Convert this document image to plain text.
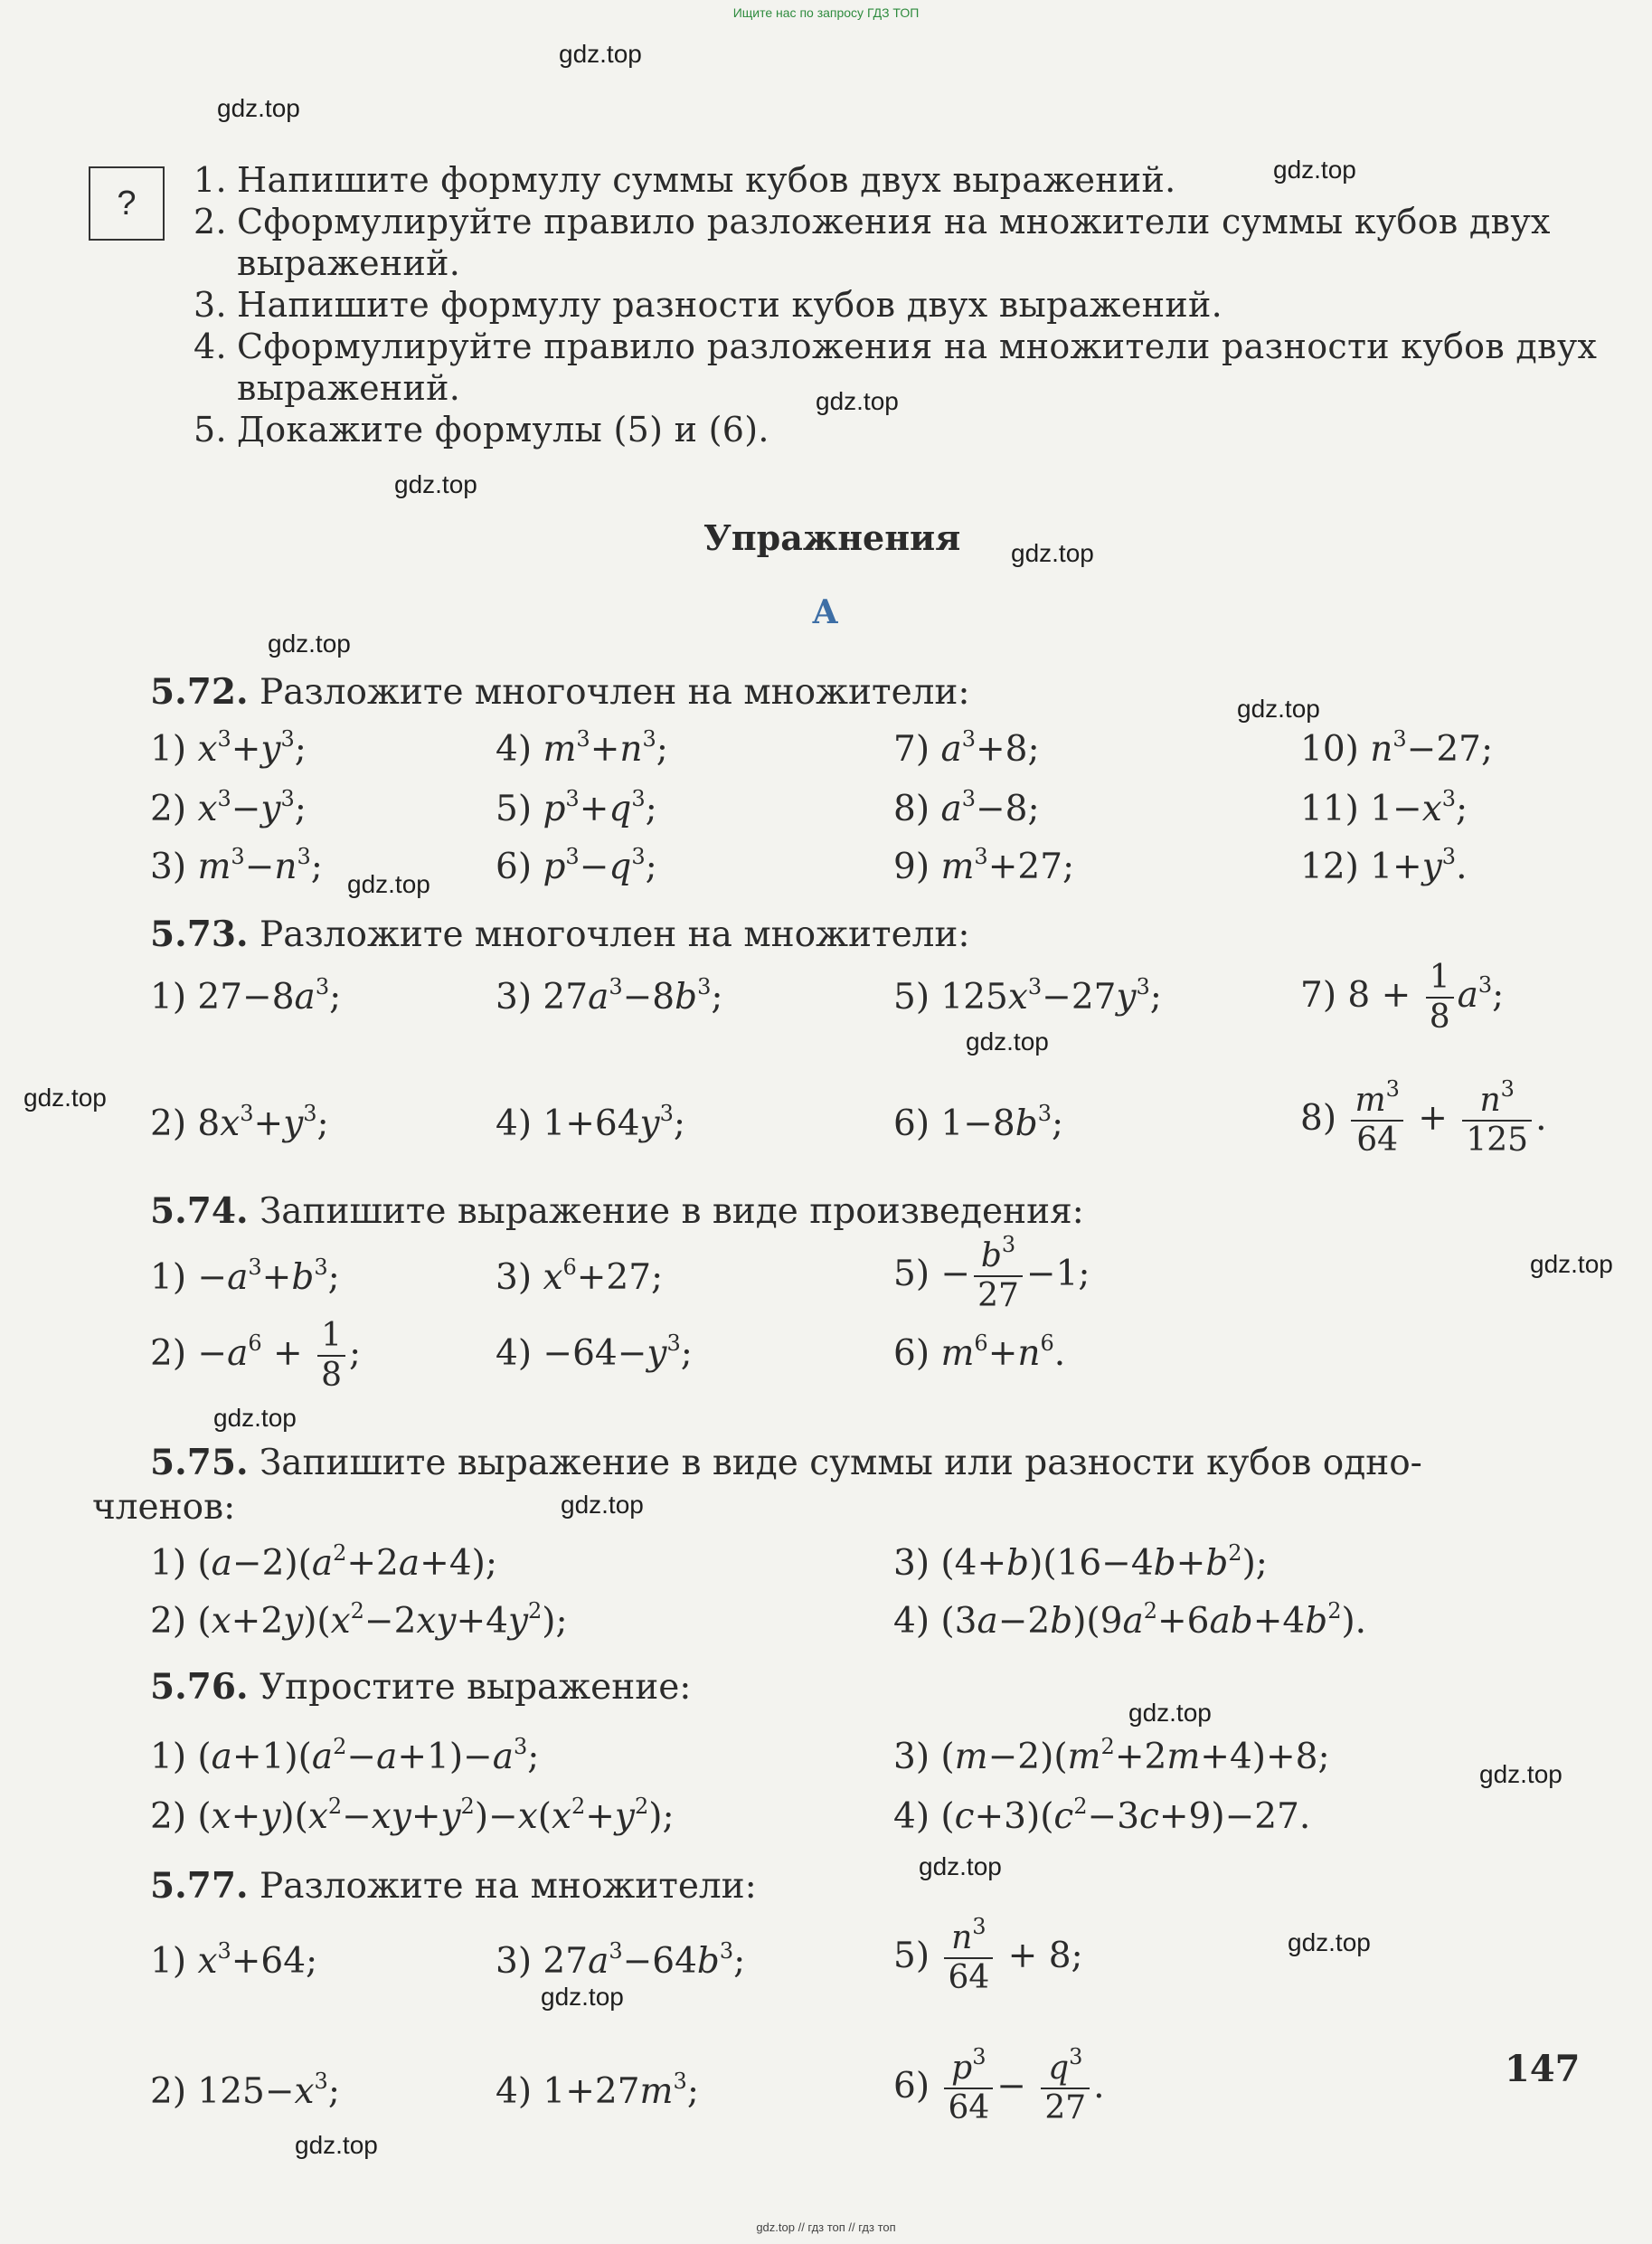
Ищите нас по запросу ГДЗ ТОП
gdz.top
gdz.top
gdz.top
gdz.top
gdz.top
gdz.top
gdz.top
gdz.top
gdz.top
gdz.top
gdz.top
gdz.top
gdz.top
gdz.top
gdz.top
gdz.top
gdz.top
gdz.top
gdz.top
gdz.top
?
1. Напишите формулу суммы кубов двух выражений.
2. Сформулируйте правило разложения на множители суммы кубов двух
выражений.
3. Напишите формулу разности кубов двух выражений.
4. Сформулируйте правило разложения на множители разности кубов двух
выражений.
5. Докажите формулы (5) и (6).
Упражнения
А
5.72. Разложите многочлен на множители:
1) $x^3+y^3$;	4) $m^3+n^3$;	7) $a^3+8$;	10) $n^3-27$;
2) $x^3-y^3$;	5) $p^3+q^3$;	8) $a^3-8$;	11) $1-x^3$;
3) $m^3-n^3$;	6) $p^3-q^3$;	9) $m^3+27$;	12) $1+y^3$.
5.73. Разложите многочлен на множители:
1) $27-8a^3$;	3) $27a^3-8b^3$;	5) $125x^3-27y^3$;	7) $8 + \frac{1}{8} a^3$;
2) $8x^3+y^3$;	4) $1+64y^3$;	6) $1-8b^3$;	$8) \frac{m^3}{64} + \frac{n^3}{125}$ .
5.74. Запишите выражение в виде произведения:
$1) -a^3+b^3$;	3) $x^6+27$;	$5) - \frac{b^3}{27} -1$;
$2) -a^6 + \frac{1}{8}$ ;	$4) -64-y^3$;	6) $m^6+n^6$.
5.75. Запишите выражение в виде суммы или разности кубов одно-
членов:
1) $(a-2)(a^2+2a+4)$;	3) $(4+b)(16-4b+b^2)$;
2) $(x+2y)(x^2-2xy+4y^2)$;	4) $(3a-2b)(9a^2+6ab+4b^2)$.
5.76. Упростите выражение:
1) $(a+1)(a^2-a+1)-a^3$;	3) $(m-2)(m^2+2m+4)+8$;
2) $(x+y)(x^2-xy+y^2)-x(x^2+y^2)$;	4) $(c+3)(c^2-3c+9)-27$.
5.77. Разложите на множители:
1) $x^3+64$;	3) $27a^3-64b^3$;	$5) \frac{n^3}{64} + 8$;
2) $125-x^3$;	4) $1+27m^3$;	$6) \frac{p^3}{64} - \frac{q^3}{27}$ .	147
gdz.top // гдз топ // гдз топ
